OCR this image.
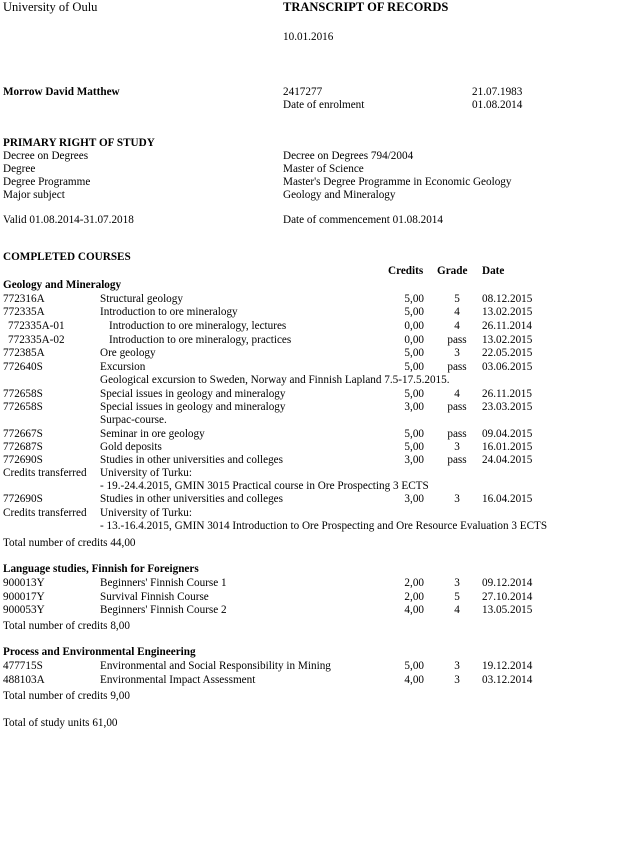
University of Oulu	TRANSCRIPT OF RECORDS
10.01.2016
Morrow David Matthew	2417277	21.07.1983
Date of enrolment	01.08.2014
PRIMARY RIGHT OF STUDY
Decree on Degrees	Decree on Degrees 794/2004
Degree	Master of Science
Degree Programme	Master's Degree Programme in Economic Geology
Major subject	Geology and Mineralogy
Valid 01.08.2014-31.07.2018	Date of commencement 01.08.2014
COMPLETED COURSES
Credits Grade Date
Geology and Mineralogy
772316A	Structural geology	5,00	5	08.12.2015
772335A	Introduction to ore mineralogy	5,00	4	13.02.2015
772335A-01	Introduction to ore mineralogy, lectures	0,00	4	26.11.2014
772335A-02	Introduction to ore mineralogy, practices	0,00	pass	13.02.2015
772385A	Ore geology	5,00	3	22.05.2015
772640S	Excursion	5,00	pass	03.06.2015
Geological excursion to Sweden, Norway and Finnish Lapland 7.5-17.5.2015.
772658S	Special issues in geology and mineralogy	5,00	4	26.11.2015
772658S	Special issues in geology and mineralogy	3,00	pass	23.03.2015
Surpac-course.
772667S	Seminar in ore geology	5,00	pass	09.04.2015
772687S	Gold deposits	5,00	3	16.01.2015
772690S	Studies in other universities and colleges	3,00	pass	24.04.2015
Credits transferred University of Turku:
- 19.-24.4.2015, GMIN 3015 Practical course in Ore Prospecting 3 ECTS
772690S	Studies in other universities and colleges	3,00	3	16.04.2015
Credits transferred University of Turku:
- 13.-16.4.2015, GMIN 3014 Introduction to Ore Prospecting and Ore Resource Evaluation 3 ECTS
Total number of credits 44,00
Language studies, Finnish for Foreigners
900013Y	Beginners' Finnish Course 1	2,00	3	09.12.2014
900017Y	Survival Finnish Course	2,00	5	27.10.2014
900053Y	Beginners' Finnish Course 2	4,00	4	13.05.2015
Total number of credits 8,00
Process and Environmental Engineering
477715S	Environmental and Social Responsibility in Mining	5,00	3	19.12.2014
488103A	Environmental Impact Assessment	4,00	3	03.12.2014
Total number of credits 9,00
Total of study units 61,00
